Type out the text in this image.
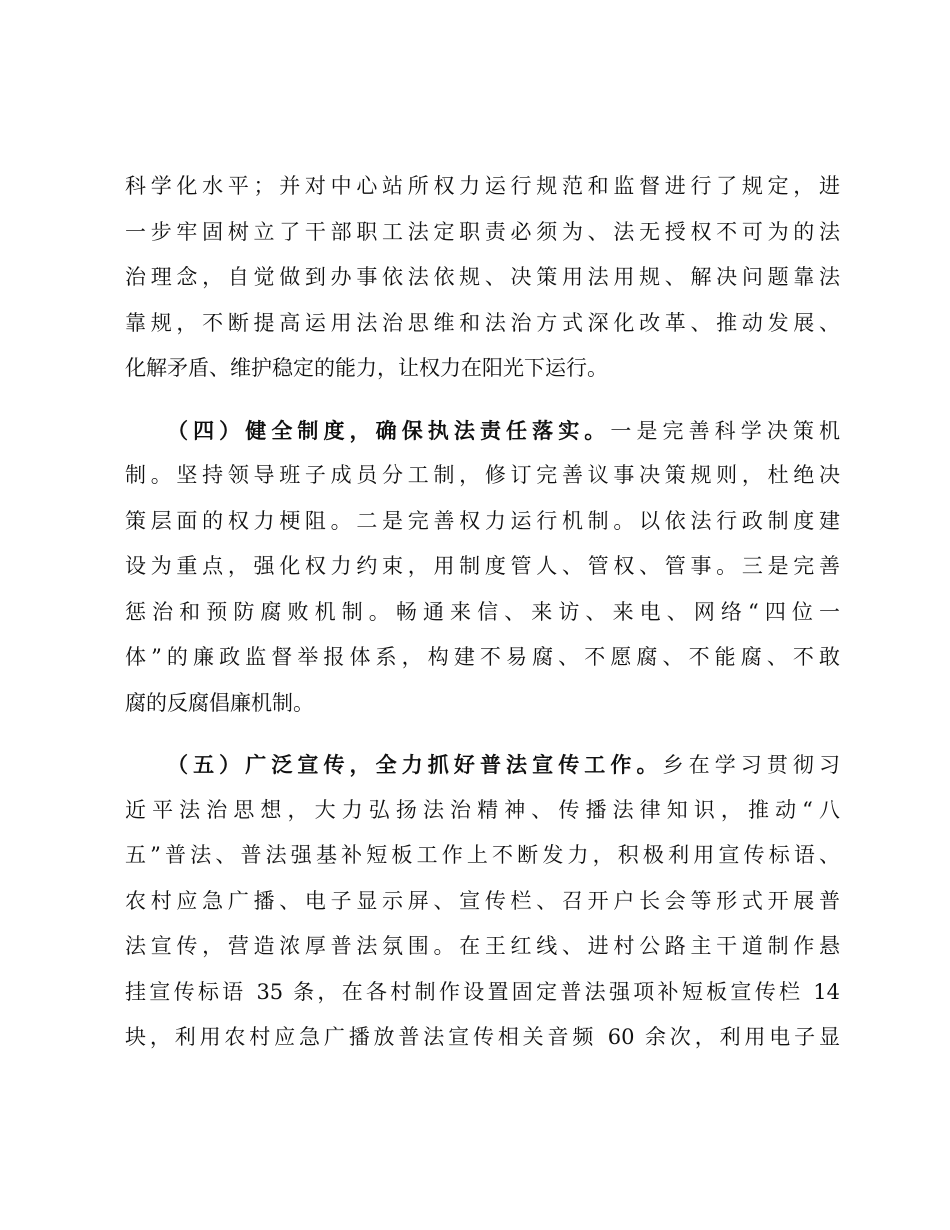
科学化水平；并对中心站所权力运行规范和监督进行了规定，进
一步牢固树立了干部职工法定职责必须为、法无授权不可为的法
治理念，自觉做到办事依法依规、决策用法用规、解决问题靠法
靠规，不断提高运用法治思维和法治方式深化改革、推动发展、
化解矛盾、维护稳定的能力，让权力在阳光下运行。
（四）健全制度，确保执法责任落实。一是完善科学决策机
制。坚持领导班子成员分工制，修订完善议事决策规则，杜绝决
策层面的权力梗阻。二是完善权力运行机制。以依法行政制度建
设为重点，强化权力约束，用制度管人、管权、管事。三是完善
惩治和预防腐败机制。畅通来信、来访、来电、网络“四位一
体”的廉政监督举报体系，构建不易腐、不愿腐、不能腐、不敢
腐的反腐倡廉机制。
（五）广泛宣传，全力抓好普法宣传工作。乡在学习贯彻习
近平法治思想，大力弘扬法治精神、传播法律知识，推动“八
五”普法、普法强基补短板工作上不断发力，积极利用宣传标语、
农村应急广播、电子显示屏、宣传栏、召开户长会等形式开展普
法宣传，营造浓厚普法氛围。在王红线、进村公路主干道制作悬
挂宣传标语 35 条，在各村制作设置固定普法强项补短板宣传栏 14
块，利用农村应急广播放普法宣传相关音频 60 余次，利用电子显
